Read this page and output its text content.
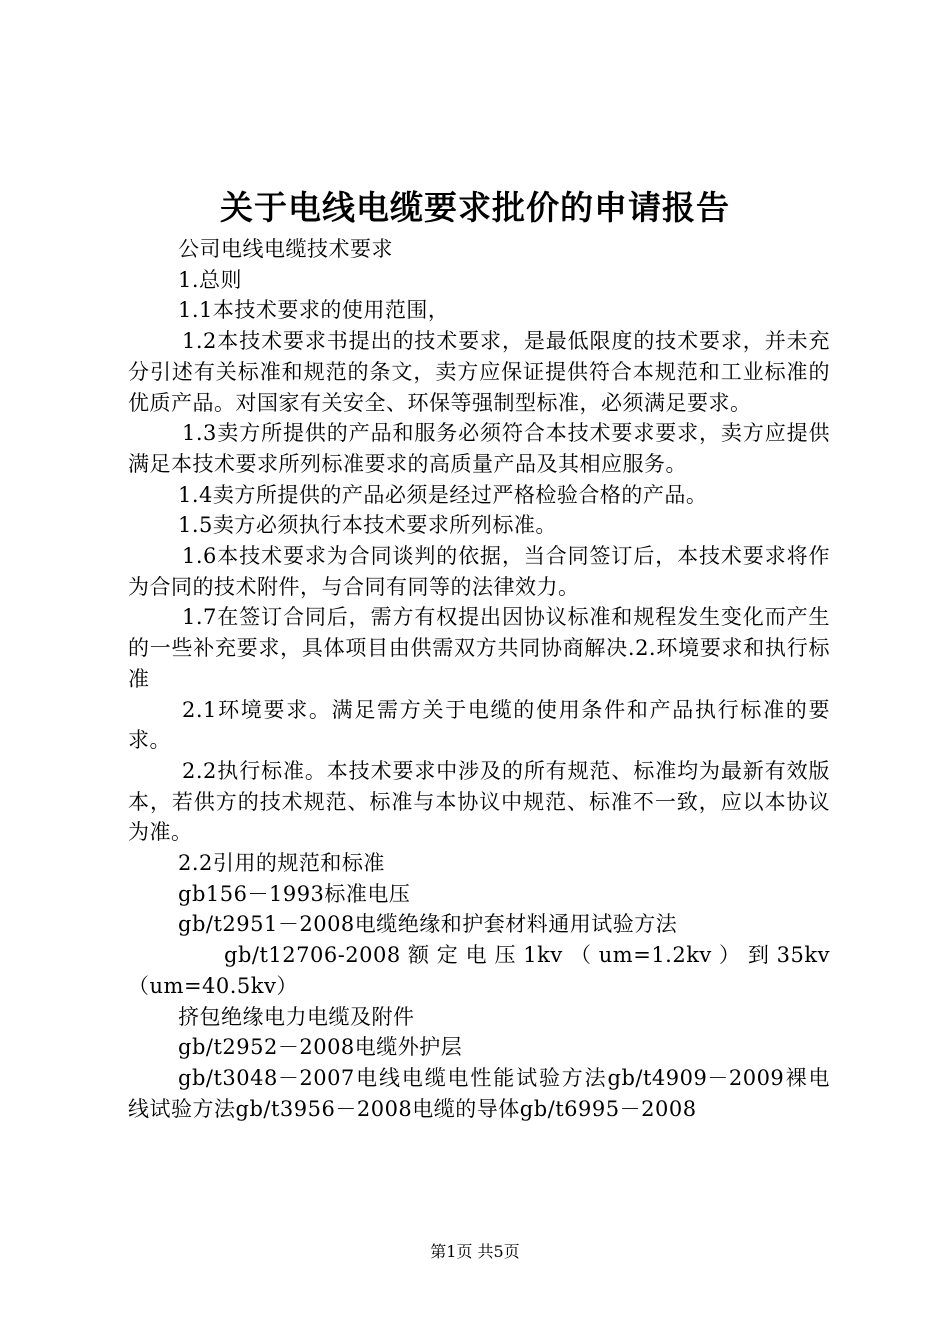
关于电线电缆要求批价的申请报告

公司电线电缆技术要求

1.总则

1.1本技术要求的使用范围，

1.2本技术要求书提出的技术要求，是最低限度的技术要求，并未充分引述有关标准和规范的条文，卖方应保证提供符合本规范和工业标准的优质产品。对国家有关安全、环保等强制型标准，必须满足要求。

1.3卖方所提供的产品和服务必须符合本技术要求要求，卖方应提供满足本技术要求所列标准要求的高质量产品及其相应服务。

1.4卖方所提供的产品必须是经过严格检验合格的产品。

1.5卖方必须执行本技术要求所列标准。

1.6本技术要求为合同谈判的依据，当合同签订后，本技术要求将作为合同的技术附件，与合同有同等的法律效力。

1.7在签订合同后，需方有权提出因协议标准和规程发生变化而产生的一些补充要求，具体项目由供需双方共同协商解决.2.环境要求和执行标准

2.1环境要求。满足需方关于电缆的使用条件和产品执行标准的要求。

2.2执行标准。本技术要求中涉及的所有规范、标准均为最新有效版本，若供方的技术规范、标准与本协议中规范、标准不一致，应以本协议为准。

2.2引用的规范和标准

gb156－1993标准电压

gb/t2951－2008电缆绝缘和护套材料通用试验方法

gb/t12706-2008 额 定 电 压 1kv （ um=1.2kv ） 到 35kv（um=40.5kv）

挤包绝缘电力电缆及附件

gb/t2952－2008电缆外护层

gb/t3048－2007电线电缆电性能试验方法gb/t4909－2009裸电线试验方法gb/t3956－2008电缆的导体gb/t6995－2008

第1页 共5页
